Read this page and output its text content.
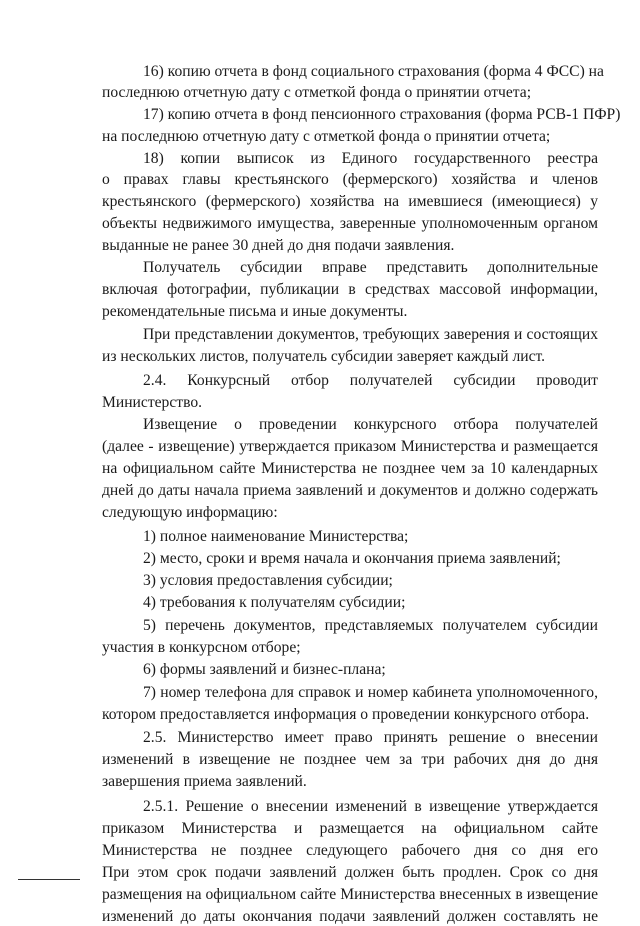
16) копию отчета в фонд социального страхования (форма 4 ФСС) на
последнюю отчетную дату с отметкой фонда о принятии отчета;
17) копию отчета в фонд пенсионного страхования (форма РСВ-1 ПФР)
на последнюю отчетную дату с отметкой фонда о принятии отчета;
18) копии выписок из Единого государственного реестра
о правах главы крестьянского (фермерского) хозяйства и членов
крестьянского (фермерского) хозяйства на имевшиеся (имеющиеся) у
объекты недвижимого имущества, заверенные уполномоченным органом
выданные не ранее 30 дней до дня подачи заявления.
Получатель субсидии вправе представить дополнительные
включая фотографии, публикации в средствах массовой информации,
рекомендательные письма и иные документы.
При представлении документов, требующих заверения и состоящих
из нескольких листов, получатель субсидии заверяет каждый лист.
2.4. Конкурсный отбор получателей субсидии проводит
Министерство.
Извещение о проведении конкурсного отбора получателей
(далее - извещение) утверждается приказом Министерства и размещается
на официальном сайте Министерства не позднее чем за 10 календарных
дней до даты начала приема заявлений и документов и должно содержать
следующую информацию:
1) полное наименование Министерства;
2) место, сроки и время начала и окончания приема заявлений;
3) условия предоставления субсидии;
4) требования к получателям субсидии;
5) перечень документов, представляемых получателем субсидии
участия в конкурсном отборе;
6) формы заявлений и бизнес-плана;
7) номер телефона для справок и номер кабинета уполномоченного,
котором предоставляется информация о проведении конкурсного отбора.
2.5. Министерство имеет право принять решение о внесении
изменений в извещение не позднее чем за три рабочих дня до дня
завершения приема заявлений.
2.5.1. Решение о внесении изменений в извещение утверждается
приказом Министерства и размещается на официальном сайте
Министерства не позднее следующего рабочего дня со дня его
При этом срок подачи заявлений должен быть продлен. Срок со дня
размещения на официальном сайте Министерства внесенных в извещение
изменений до даты окончания подачи заявлений должен составлять не
